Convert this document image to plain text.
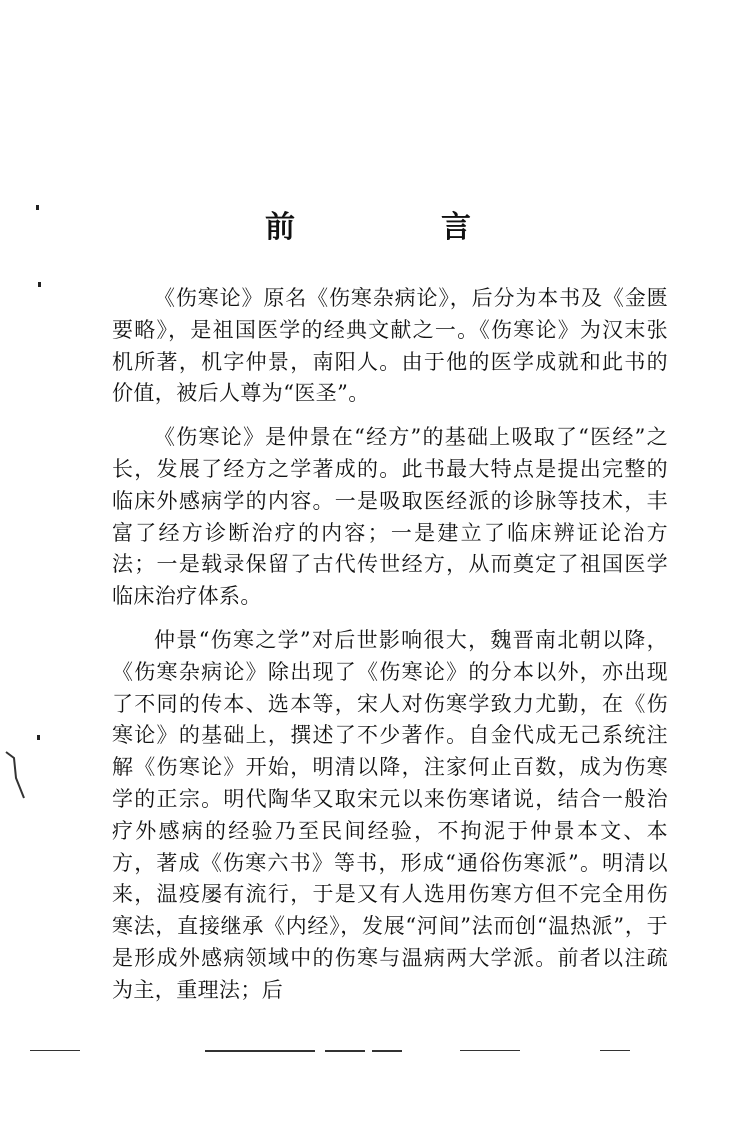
前　言

《伤寒论》原名《伤寒杂病论》，后分为本书及《金匮要略》，是祖国医学的经典文献之一。《伤寒论》为汉末张机所著，机字仲景，南阳人。由于他的医学成就和此书的价值，被后人尊为“医圣”。

《伤寒论》是仲景在“经方”的基础上吸取了“医经”之长，发展了经方之学著成的。此书最大特点是提出完整的临床外感病学的内容。一是吸取医经派的诊脉等技术，丰富了经方诊断治疗的内容；一是建立了临床辨证论治方法；一是载录保留了古代传世经方，从而奠定了祖国医学临床治疗体系。

仲景“伤寒之学”对后世影响很大，魏晋南北朝以降，《伤寒杂病论》除出现了《伤寒论》的分本以外，亦出现了不同的传本、选本等，宋人对伤寒学致力尤勤，在《伤寒论》的基础上，撰述了不少著作。自金代成无己系统注解《伤寒论》开始，明清以降，注家何止百数，成为伤寒学的正宗。明代陶华又取宋元以来伤寒诸说，结合一般治疗外感病的经验乃至民间经验，不拘泥于仲景本文、本方，著成《伤寒六书》等书，形成“通俗伤寒派”。明清以来，温疫屡有流行，于是又有人选用伤寒方但不完全用伤寒法，直接继承《内经》，发展“河间”法而创“温热派”，于是形成外感病领域中的伤寒与温病两大学派。前者以注疏为主，重理法；后
